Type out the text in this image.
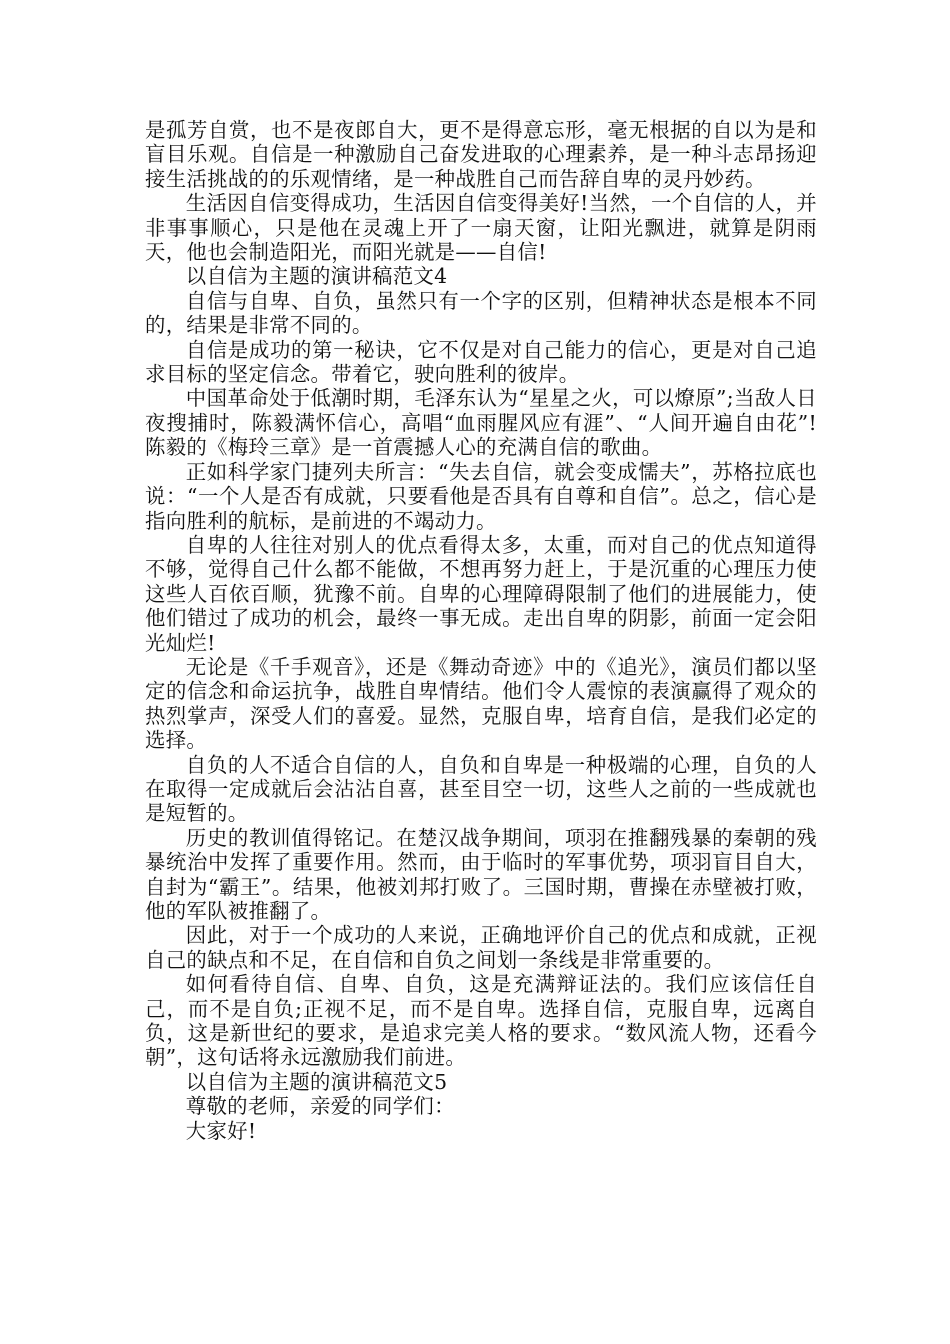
是孤芳自赏，也不是夜郎自大，更不是得意忘形，毫无根据的自以为是和盲目乐观。自信是一种激励自己奋发进取的心理素养，是一种斗志昂扬迎接生活挑战的的乐观情绪，是一种战胜自己而告辞自卑的灵丹妙药。

生活因自信变得成功，生活因自信变得美好!当然，一个自信的人，并非事事顺心，只是他在灵魂上开了一扇天窗，让阳光飘进，就算是阴雨天，他也会制造阳光，而阳光就是——自信!

以自信为主题的演讲稿范文4

自信与自卑、自负，虽然只有一个字的区别，但精神状态是根本不同的，结果是非常不同的。

自信是成功的第一秘诀，它不仅是对自己能力的信心，更是对自己追求目标的坚定信念。带着它，驶向胜利的彼岸。

中国革命处于低潮时期，毛泽东认为“星星之火，可以燎原”;当敌人日夜搜捕时，陈毅满怀信心，高唱“血雨腥风应有涯”、“人间开遍自由花”!陈毅的《梅玲三章》是一首震撼人心的充满自信的歌曲。

正如科学家门捷列夫所言：“失去自信，就会变成懦夫”，苏格拉底也说：“一个人是否有成就，只要看他是否具有自尊和自信”。总之，信心是指向胜利的航标，是前进的不竭动力。

自卑的人往往对别人的优点看得太多，太重，而对自己的优点知道得不够，觉得自己什么都不能做，不想再努力赶上，于是沉重的心理压力使这些人百依百顺，犹豫不前。自卑的心理障碍限制了他们的进展能力，使他们错过了成功的机会，最终一事无成。走出自卑的阴影，前面一定会阳光灿烂!

无论是《千手观音》，还是《舞动奇迹》中的《追光》，演员们都以坚定的信念和命运抗争，战胜自卑情结。他们令人震惊的表演赢得了观众的热烈掌声，深受人们的喜爱。显然，克服自卑，培育自信，是我们必定的选择。

自负的人不适合自信的人，自负和自卑是一种极端的心理，自负的人在取得一定成就后会沾沾自喜，甚至目空一切，这些人之前的一些成就也是短暂的。

历史的教训值得铭记。在楚汉战争期间，项羽在推翻残暴的秦朝的残暴统治中发挥了重要作用。然而，由于临时的军事优势，项羽盲目自大，自封为“霸王”。结果，他被刘邦打败了。三国时期，曹操在赤壁被打败，他的军队被推翻了。

因此，对于一个成功的人来说，正确地评价自己的优点和成就，正视自己的缺点和不足，在自信和自负之间划一条线是非常重要的。

如何看待自信、自卑、自负，这是充满辩证法的。我们应该信任自己，而不是自负;正视不足，而不是自卑。选择自信，克服自卑，远离自负，这是新世纪的要求，是追求完美人格的要求。“数风流人物，还看今朝”，这句话将永远激励我们前进。

以自信为主题的演讲稿范文5

尊敬的老师，亲爱的同学们：

大家好!
